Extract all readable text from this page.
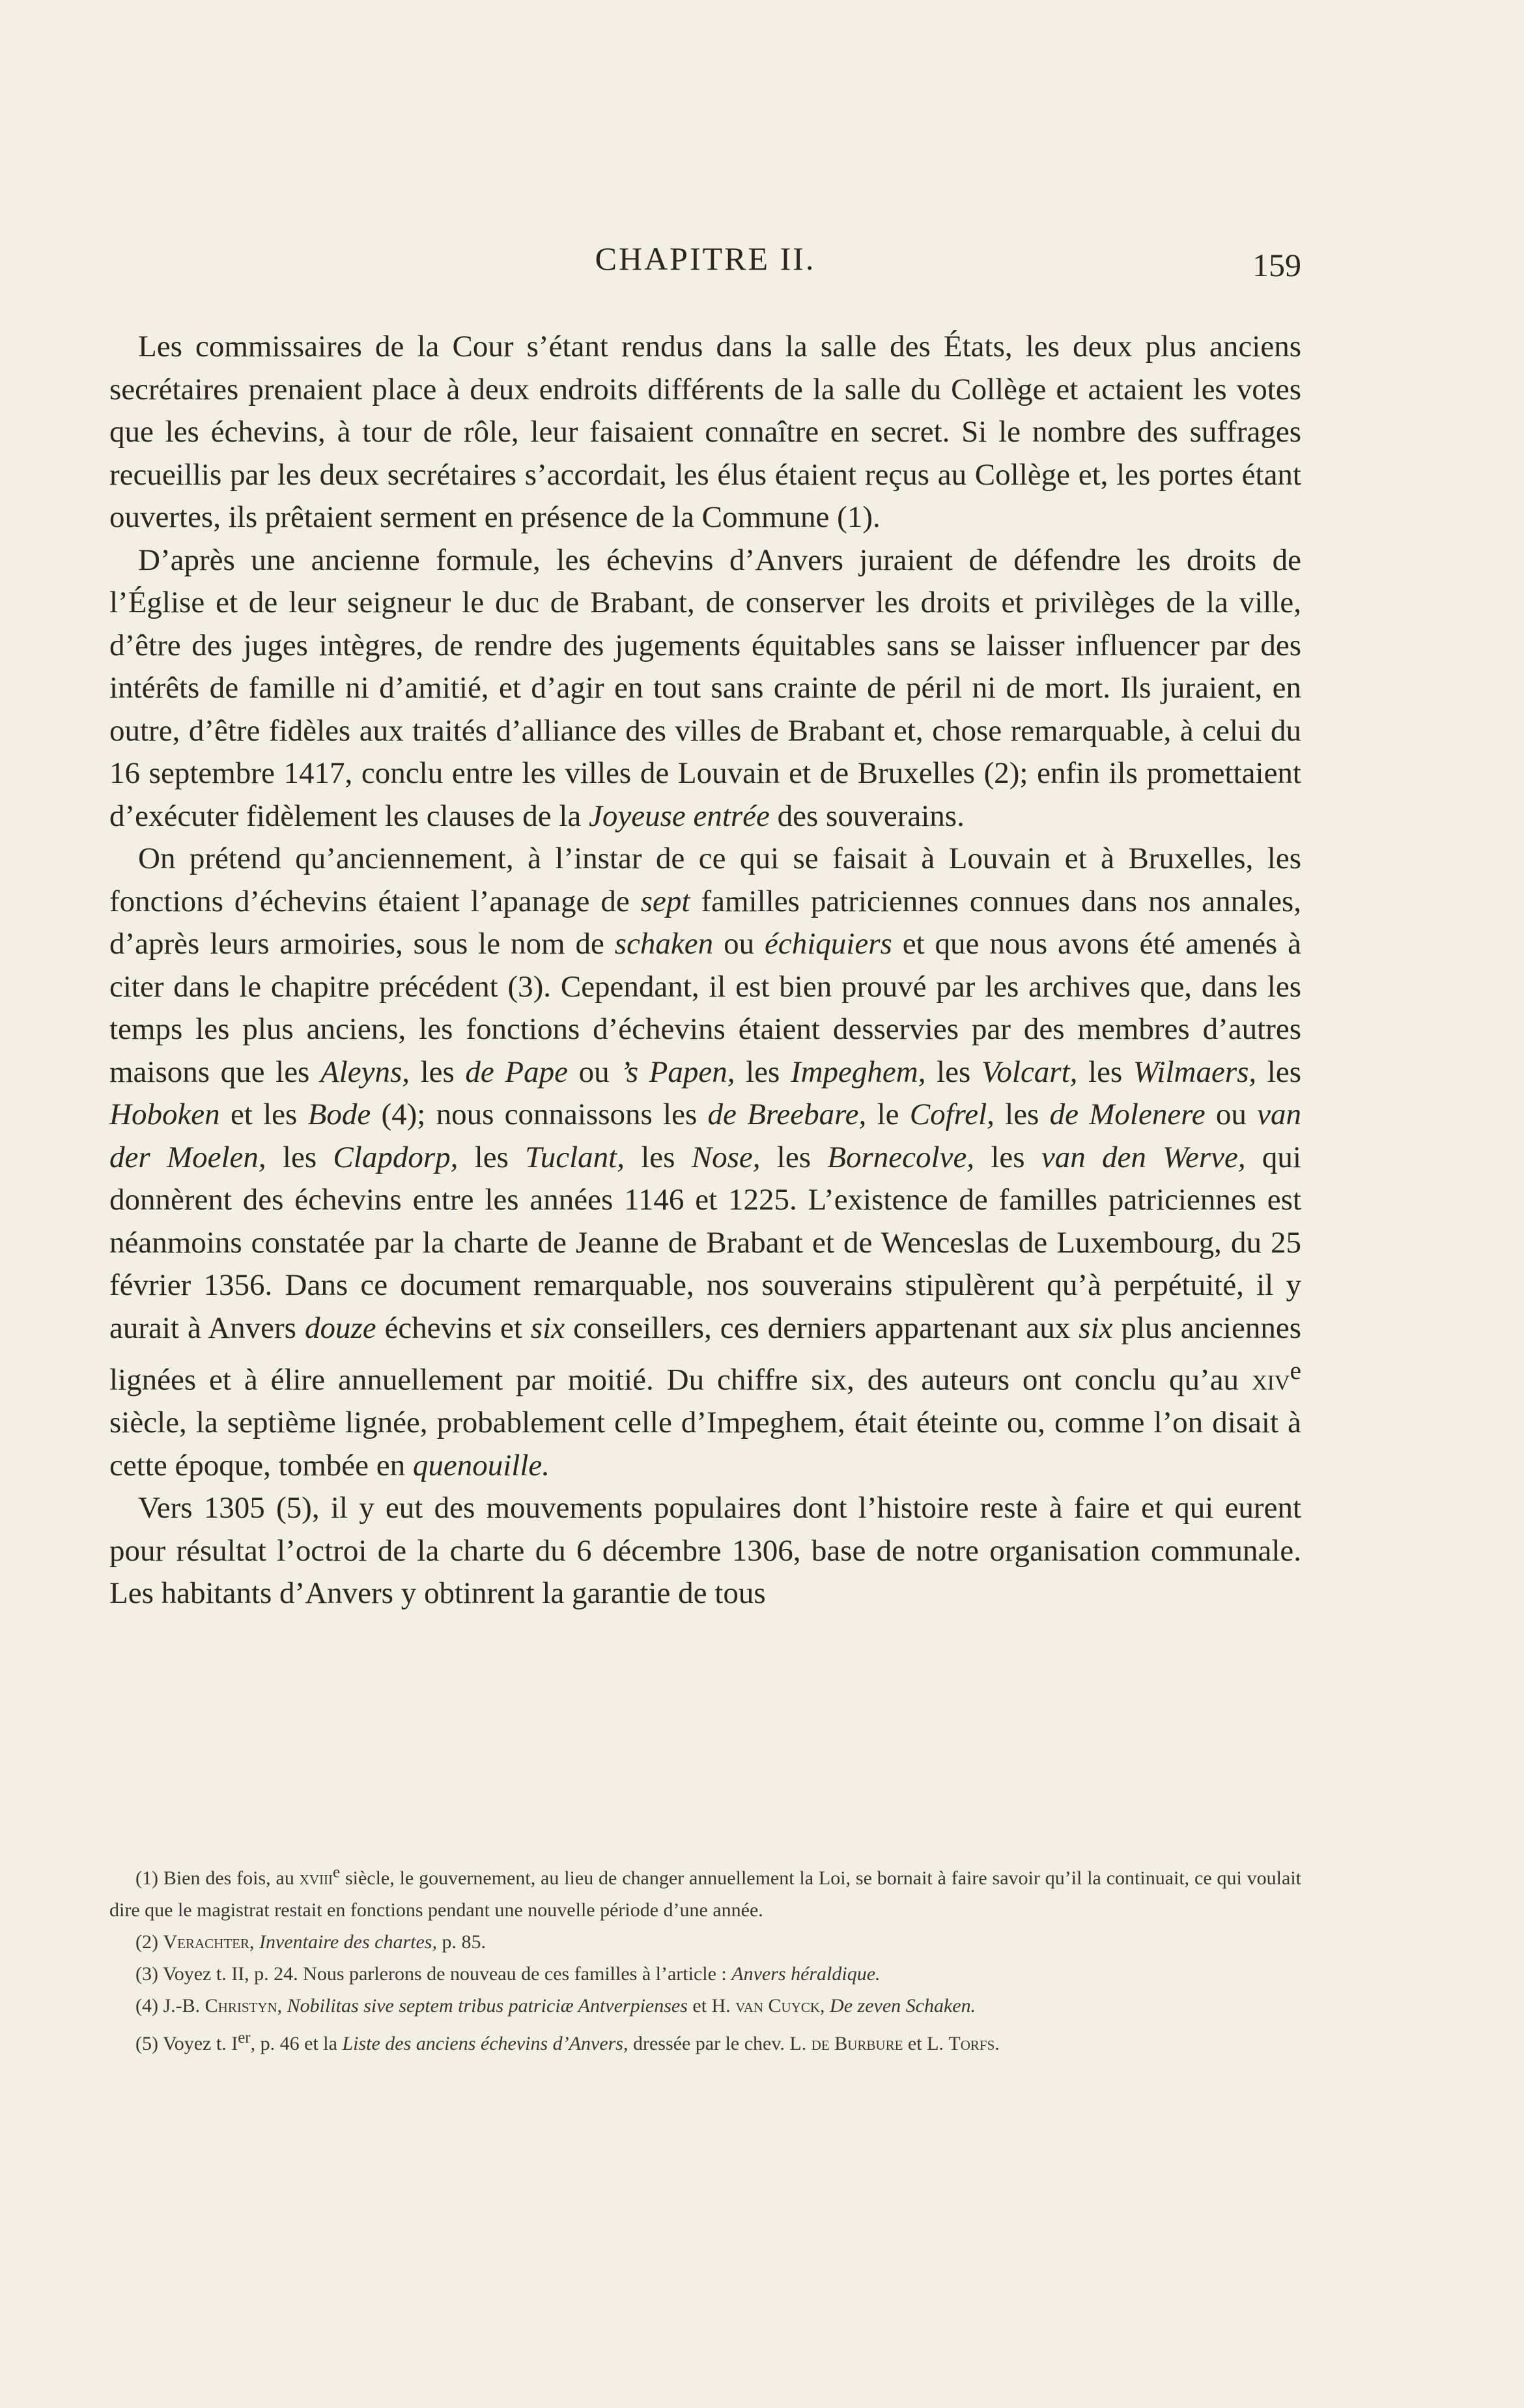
CHAPITRE II.	159

Les commissaires de la Cour s’étant rendus dans la salle des États, les deux plus anciens secrétaires prenaient place à deux endroits différents de la salle du Collège et actaient les votes que les échevins, à tour de rôle, leur faisaient connaître en secret. Si le nombre des suffrages recueillis par les deux secrétaires s’accordait, les élus étaient reçus au Collège et, les portes étant ouvertes, ils prêtaient serment en présence de la Commune (1).

D’après une ancienne formule, les échevins d’Anvers juraient de défendre les droits de l’Église et de leur seigneur le duc de Brabant, de conserver les droits et privilèges de la ville, d’être des juges intègres, de rendre des jugements équitables sans se laisser influencer par des intérêts de famille ni d’amitié, et d’agir en tout sans crainte de péril ni de mort. Ils juraient, en outre, d’être fidèles aux traités d’alliance des villes de Brabant et, chose remarquable, à celui du 16 septembre 1417, conclu entre les villes de Louvain et de Bruxelles (2); enfin ils promettaient d’exécuter fidèlement les clauses de la Joyeuse entrée des souverains.

On prétend qu’anciennement, à l’instar de ce qui se faisait à Louvain et à Bruxelles, les fonctions d’échevins étaient l’apanage de sept familles patriciennes connues dans nos annales, d’après leurs armoiries, sous le nom de schaken ou échiquiers et que nous avons été amenés à citer dans le chapitre précédent (3). Cependant, il est bien prouvé par les archives que, dans les temps les plus anciens, les fonctions d’échevins étaient desservies par des membres d’autres maisons que les Aleyns, les de Pape ou ’s Papen, les Impeghem, les Volcart, les Wilmaers, les Hoboken et les Bode (4); nous connaissons les de Breebare, le Cofrel, les de Molenere ou van der Moelen, les Clapdorp, les Tuclant, les Nose, les Bornecolve, les van den Werve, qui donnèrent des échevins entre les années 1146 et 1225. L’existence de familles patriciennes est néanmoins constatée par la charte de Jeanne de Brabant et de Wenceslas de Luxembourg, du 25 février 1356. Dans ce document remarquable, nos souverains stipulèrent qu’à perpétuité, il y aurait à Anvers douze échevins et six conseillers, ces derniers appartenant aux six plus anciennes lignées et à élire annuellement par moitié. Du chiffre six, des auteurs ont conclu qu’au xiv$^e$ siècle, la septième lignée, probablement celle d’Impeghem, était éteinte ou, comme l’on disait à cette époque, tombée en quenouille.

Vers 1305 (5), il y eut des mouvements populaires dont l’histoire reste à faire et qui eurent pour résultat l’octroi de la charte du 6 décembre 1306, base de notre organisation communale. Les habitants d’Anvers y obtinrent la garantie de tous

(1) Bien des fois, au xviii$^e$ siècle, le gouvernement, au lieu de changer annuellement la Loi, se bornait à faire savoir qu’il la continuait, ce qui voulait dire que le magistrat restait en fonctions pendant une nouvelle période d’une année.

(2) Verachter, Inventaire des chartes, p. 85.

(3) Voyez t. II, p. 24. Nous parlerons de nouveau de ces familles à l’article : Anvers héraldique.

(4) J.-B. Christyn, Nobilitas sive septem tribus patriciæ Antverpienses et H. van Cuyck, De zeven Schaken.

(5) Voyez t. Ier, p. 46 et la Liste des anciens échevins d’Anvers, dressée par le chev. L. de Burbure et L. Torfs.
